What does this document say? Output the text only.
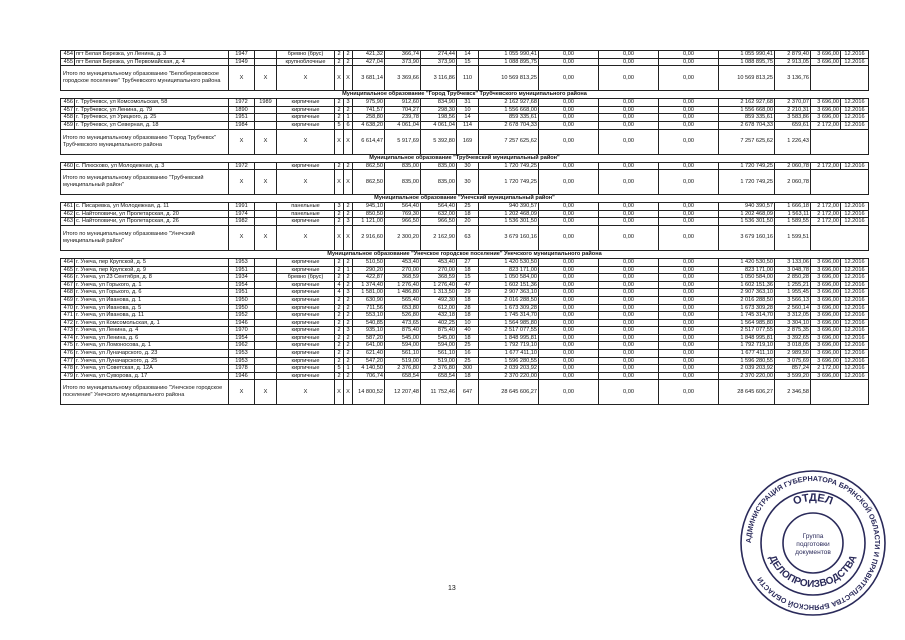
454	пгт Белая Березка, ул Ленина, д. 3	1947		бревно (брус)	2	2	421,32	366,74	274,44	14	1 055 990,41	0,00	0,00	0,00	1 055 990,41	2 879,40	3 696,00	12.2016
455	пгт Белая Березка, ул Первомайская, д. 4	1949		крупноблочные	2	2	427,04	373,90	373,90	15	1 088 895,75	0,00	0,00	0,00	1 088 895,75	2 913,05	3 696,00	12.2016
Итого по муниципальному образованию "Белоберезковское городское поселение" Трубчевского муниципального района		X	X	X	X	X	3 681,14	3 369,66	3 116,86	110	10 569 813,25	0,00	0,00	0,00	10 569 813,25	3 136,76		
Муниципальное образование "Город Трубчевск" Трубчевского муниципального района																		
456	г. Трубчевск, ул Комсомольская, 58	1972	1989	кирпичные	2	3	975,90	912,60	834,90	31	2 162 927,68	0,00	0,00	0,00	2 162 927,68	2 370,07	3 696,00	12.2016
457	г. Трубчевск, ул Ленина, д. 79	1890		кирпичные	2	2	741,57	704,27	298,30	10	1 556 668,00	0,00	0,00	0,00	1 556 668,00	2 210,31	3 696,00	12.2016
458	г. Трубчевск, ул Урицкого, д. 25	1951		кирпичные	2	1	258,80	239,78	198,56	14	859 335,61	0,00	0,00	0,00	859 335,61	3 583,86	3 696,00	12.2016
459	г. Трубчевск, ул Северная, д. 18	1984		кирпичные	5	6	4 638,20	4 061,04	4 061,04	114	2 678 704,33	0,00	0,00	0,00	2 678 704,33	659,61	2 172,00	12.2016
Итого по муниципальному образованию "Город Трубчевск" Трубчевского муниципального района		X	X	X	X	X	6 614,47	5 917,69	5 392,80	169	7 257 625,62	0,00	0,00	0,00	7 257 625,62	1 226,43		
Муниципальное образование "Трубчевский муниципальный район"																		
460	с. Плюсково, ул Молодежная, д. 3	1972		кирпичные	2	2	862,50	835,00	835,00	30	1 720 749,25	0,00	0,00	0,00	1 720 749,25	2 060,78	2 172,00	12.2016
Итого по муниципальному образованию "Трубчевский муниципальный район"		X	X	X	X	X	862,50	835,00	835,00	30	1 720 749,25	0,00	0,00	0,00	1 720 749,25	2 060,78		
Муниципальное образование "Унечский муниципальный район"																		
461	с. Писаревка, ул Молодежная, д. 11	1991		панельные	3	2	945,10	564,40	564,40	25	940 390,57	0,00	0,00	0,00	940 390,57	1 666,18	2 172,00	12.2016
462	с. Найтоповичи, ул Пролетарская, д. 20	1974		панельные	2	2	850,50	769,30	632,00	18	1 202 468,09	0,00	0,00	0,00	1 202 468,09	1 563,11	2 172,00	12.2016
463	с. Найтоповичи, ул Пролетарская, д. 26	1982		кирпичные	2	3	1 121,00	966,50	966,50	20	1 536 301,50	0,00	0,00	0,00	1 536 301,50	1 589,55	2 172,00	12.2016
Итого по муниципальному образованию "Унечский муниципальный район"		X	X	X	X	X	2 916,60	2 300,20	2 162,90	63	3 679 160,16	0,00	0,00	0,00	3 679 160,16	1 599,51		
Муниципальное образование "Унечское городское поселение" Унечского муниципального района																		
464	г. Унеча, пер Крупской, д. 5	1953		кирпичные	2	2	510,50	453,40	453,40	27	1 420 530,50	0,00	0,00	0,00	1 420 530,50	3 133,06	3 696,00	12.2016
465	г. Унеча, пер Крупской, д. 9	1951		кирпичные	2	1	290,20	270,00	270,00	18	823 171,00	0,00	0,00	0,00	823 171,00	3 048,78	3 696,00	12.2016
466	г. Унеча, ул 23 Сентября, д. 8	1934		бревно (брус)	2	2	422,87	368,59	368,59	15	1 050 584,00	0,00	0,00	0,00	1 050 584,00	2 850,28	3 696,00	12.2016
467	г. Унеча, ул Горького, д. 1	1954		кирпичные	4	2	1 374,40	1 276,40	1 276,40	47	1 602 151,36	0,00	0,00	0,00	1 602 151,36	1 255,21	3 696,00	12.2016
468	г. Унеча, ул Горького, д. 6	1951		кирпичные	4	3	1 581,00	1 486,80	1 313,50	29	2 907 363,10	0,00	0,00	0,00	2 907 363,10	1 955,45	3 696,00	12.2016
469	г. Унеча, ул Иванова, д. 1	1950		кирпичные	2	2	630,90	565,40	492,30	18	2 016 288,50	0,00	0,00	0,00	2 016 288,50	3 566,13	3 696,00	12.2016
470	г. Унеча, ул Иванова, д. 5	1950		кирпичные	2	2	711,56	653,80	612,00	28	1 673 309,28	0,00	0,00	0,00	1 673 309,28	2 560,14	3 696,00	12.2016
471	г. Унеча, ул Иванова, д. 11	1952		кирпичные	2	2	553,10	526,80	432,18	18	1 745 314,70	0,00	0,00	0,00	1 745 314,70	3 312,05	3 696,00	12.2016
472	г. Унеча, ул Комсомольская, д. 1	1946		кирпичные	2	2	540,85	473,65	402,25	10	1 564 985,80	0,00	0,00	0,00	1 564 985,80	3 304,10	3 696,00	12.2016
473	г. Унеча, ул Ленина, д. 4	1970		кирпичные	2	3	935,10	875,40	875,40	40	2 517 077,55	0,00	0,00	0,00	2 517 077,55	2 875,35	3 696,00	12.2016
474	г. Унеча, ул Ленина, д. 6	1954		кирпичные	2	2	587,20	545,00	545,00	18	1 848 995,81	0,00	0,00	0,00	1 848 995,81	3 392,65	3 696,00	12.2016
475	г. Унеча, ул Ломоносова, д. 1	1962		кирпичные	2	2	641,00	594,00	594,00	25	1 792 719,10	0,00	0,00	0,00	1 792 719,10	3 018,05	3 696,00	12.2016
476	г. Унеча, ул Луначарского, д. 23	1953		кирпичные	2	2	621,40	561,10	561,10	16	1 677 411,10	0,00	0,00	0,00	1 677 411,10	2 989,50	3 696,00	12.2016
477	г. Унеча, ул Луначарского, д. 25	1953		кирпичные	2	2	547,20	519,00	519,00	25	1 596 280,55	0,00	0,00	0,00	1 596 280,55	3 075,69	3 696,00	12.2016
478	г. Унеча, ул Советская, д. 12А	1978		кирпичные	5	1	4 140,50	2 376,80	2 376,80	300	2 039 203,92	0,00	0,00	0,00	2 039 203,92	857,24	2 172,00	12.2016
479	г. Унеча, ул Суворова, д. 17	1946		кирпичные	2	2	706,74	658,54	658,54	18	2 370 220,00	0,00	0,00	0,00	2 370 220,00	3 599,20	3 696,00	12.2016
Итого по муниципальному образованию "Унечское городское поселение" Унечского муниципального района		X	X	X	X	X	14 800,52	12 207,48	11 752,46	647	28 645 606,27	0,00	0,00	0,00	28 645 606,27	2 346,58		
13
АДМИНИСТРАЦИЯ ГУБЕРНАТОРА БРЯНСКОЙ ОБЛАСТИ И ПРАВИТЕЛЬСТВА БРЯНСКОЙ ОБЛАСТИ
ОТДЕЛ
ДЕЛОПРОИЗВОДСТВА
Группа
подготовки
документов
